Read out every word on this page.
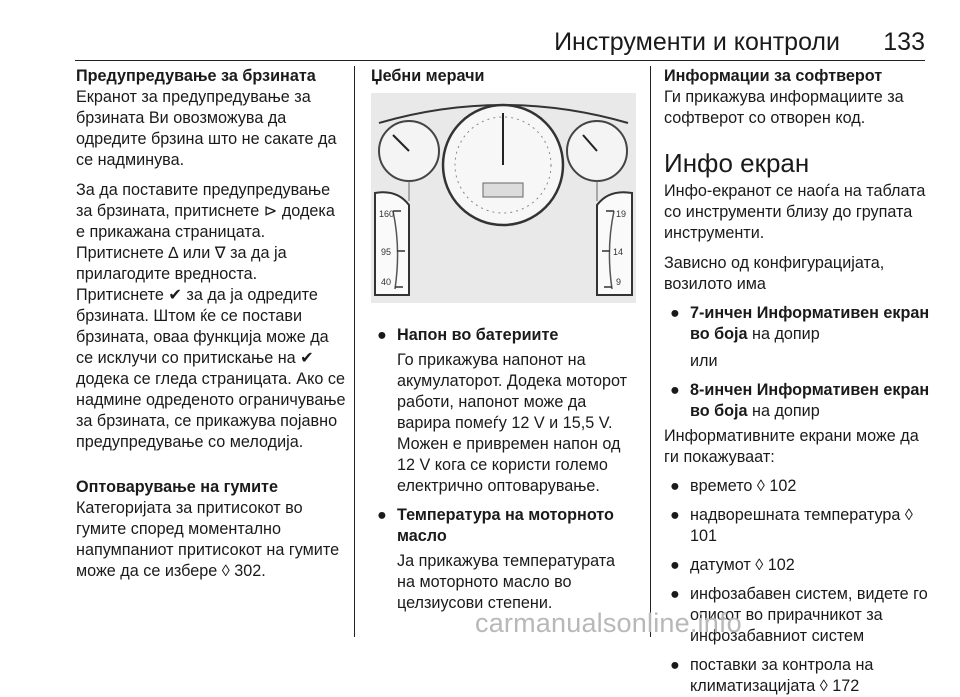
Инструменти и контроли 133

Предупредување за брзината

Екранот за предупредување за брзината Ви овозможува да одредите брзина што не сакате да се надминува.

За да поставите предупредување за брзината, притиснете ⊳ додека е прикажана страницата. Притиснете ∆ или ∇ за да ја прилагодите вредноста. Притиснете ✔ за да ја одредите брзината. Штом ќе се постави брзината, оваа функција може да се исклучи со притискање на ✔ додека се гледа страницата. Ако се надмине одреденото ограничување за брзината, се прикажува појавно предупредување со мелодија.

Оптоварување на гумите

Категоријата за притисокот во гумите според моментално напумпаниот притисокот на гумите може да се избере ◊ 302.

Џебни мерачи

160
95
40
19
14
9
● Напон во батериите

Го прикажува напонот на акумулаторот. Додека моторот работи, напонот може да варира помеѓу 12 V и 15,5 V. Можен е привремен напон од 12 V кога се користи големо електрично оптоварување.

● Температура на моторното масло

Ја прикажува температурата на моторното масло во целзиусови степени.

Информации за софтверот

Ги прикажува информациите за софтверот со отворен код.

Инфо екран

Инфо-екранот се наоѓа на таблата со инструменти близу до групата инструменти.

Зависно од конфигурацијата, возилото има

● 7-инчен Информативен екран во боја на допир

или

● 8-инчен Информативен екран во боја на допир

Информативните екрани може да ги покажуваат:

● времето ◊ 102

● надворешната температура ◊ 101

● датумот ◊ 102

● инфозабавен систем, видете го описот во прирачникот за инфозабавниот систем

● поставки за контрола на климатизацијата ◊ 172

carmanualsonline.info
